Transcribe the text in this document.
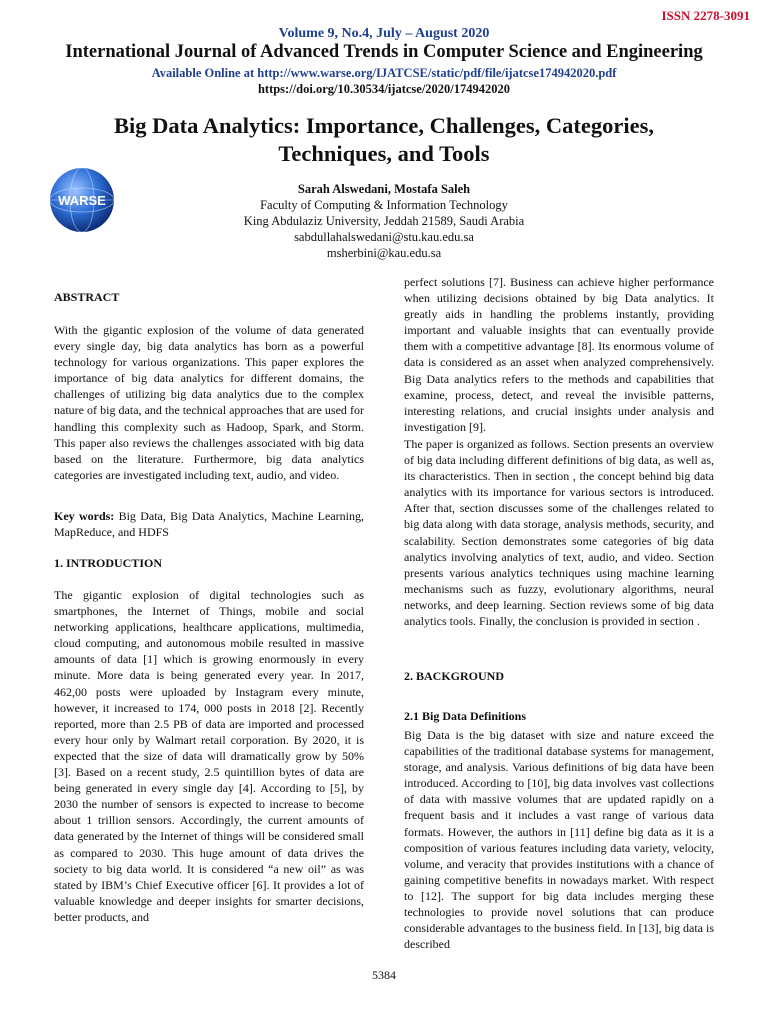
ISSN 2278-3091
Volume 9, No.4, July – August 2020
International Journal of Advanced Trends in Computer Science and Engineering
Available Online at http://www.warse.org/IJATCSE/static/pdf/file/ijatcse174942020.pdf
https://doi.org/10.30534/ijatcse/2020/174942020
Big Data Analytics: Importance, Challenges, Categories, Techniques, and Tools
WARSE
Sarah Alswedani, Mostafa Saleh
Faculty of Computing & Information Technology
King Abdulaziz University, Jeddah 21589, Saudi Arabia
sabdullahalswedani@stu.kau.edu.sa
msherbini@kau.edu.sa
ABSTRACT

With the gigantic explosion of the volume of data generated every single day, big data analytics has born as a powerful technology for various organizations. This paper explores the importance of big data analytics for different domains, the challenges of utilizing big data analytics due to the complex nature of big data, and the technical approaches that are used for handling this complexity such as Hadoop, Spark, and Storm. This paper also reviews the challenges associated with big data based on the literature. Furthermore, big data analytics categories are investigated including text, audio, and video.

Key words: Big Data, Big Data Analytics, Machine Learning, MapReduce, and HDFS

1. INTRODUCTION

The gigantic explosion of digital technologies such as smartphones, the Internet of Things, mobile and social networking applications, healthcare applications, multimedia, cloud computing, and autonomous mobile resulted in massive amounts of data [1] which is growing enormously in every minute. More data is being generated every year. In 2017, 462,00 posts were uploaded by Instagram every minute, however, it increased to 174, 000 posts in 2018 [2]. Recently reported, more than 2.5 PB of data are imported and processed every hour only by Walmart retail corporation. By 2020, it is expected that the size of data will dramatically grow by 50% [3]. Based on a recent study, 2.5 quintillion bytes of data are being generated in every single day [4]. According to [5], by 2030 the number of sensors is expected to increase to become about 1 trillion sensors. Accordingly, the current amounts of data generated by the Internet of things will be considered small as compared to 2030. This huge amount of data drives the society to big data world. It is considered “a new oil” as was stated by IBM’s Chief Executive officer [6]. It provides a lot of valuable knowledge and deeper insights for smarter decisions, better products, and

perfect solutions [7]. Business can achieve higher performance when utilizing decisions obtained by big Data analytics. It greatly aids in handling the problems instantly, providing important and valuable insights that can eventually provide them with a competitive advantage [8]. Its enormous volume of data is considered as an asset when analyzed comprehensively. Big Data analytics refers to the methods and capabilities that examine, process, detect, and reveal the invisible patterns, interesting relations, and crucial insights under analysis and investigation [9].

The paper is organized as follows. Section presents an overview of big data including different definitions of big data, as well as, its characteristics. Then in section , the concept behind big data analytics with its importance for various sectors is introduced. After that, section discusses some of the challenges related to big data along with data storage, analysis methods, security, and scalability. Section demonstrates some categories of big data analytics involving analytics of text, audio, and video. Section presents various analytics techniques using machine learning mechanisms such as fuzzy, evolutionary algorithms, neural networks, and deep learning. Section reviews some of big data analytics tools. Finally, the conclusion is provided in section .

2. BACKGROUND
2.1 Big Data Definitions

Big Data is the big dataset with size and nature exceed the capabilities of the traditional database systems for management, storage, and analysis. Various definitions of big data have been introduced. According to [10], big data involves vast collections of data with massive volumes that are updated rapidly on a frequent basis and it includes a vast range of various data formats. However, the authors in [11] define big data as it is a composition of various features including data variety, velocity, volume, and veracity that provides institutions with a chance of gaining competitive benefits in nowadays market. With respect to [12]. The support for big data includes merging these technologies to provide novel solutions that can produce considerable advantages to the business field. In [13], big data is described

5384
